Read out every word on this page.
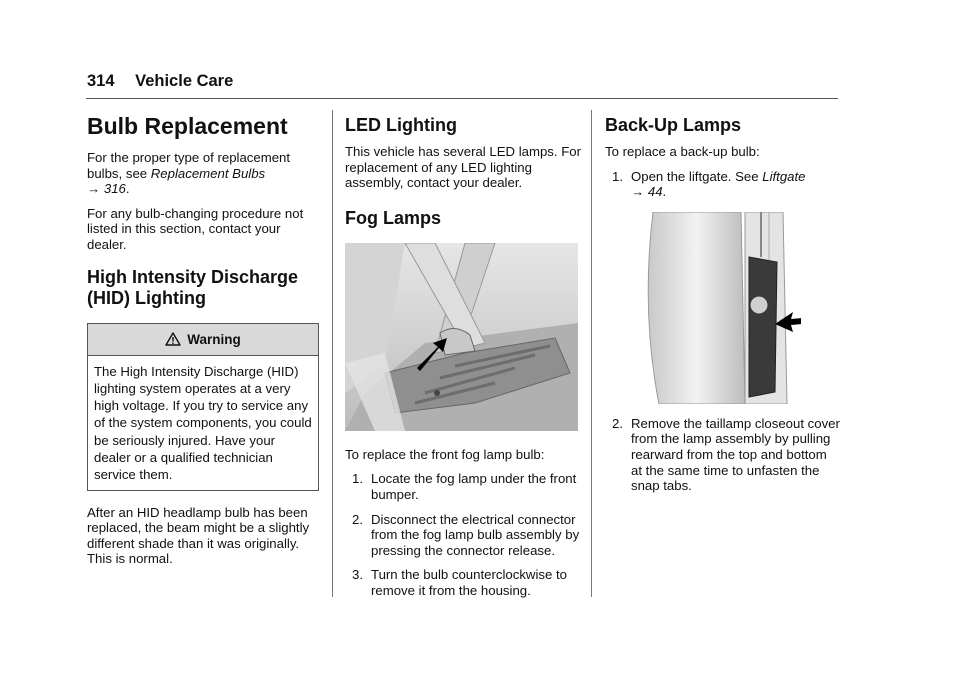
314 Vehicle Care
Bulb Replacement

For the proper type of replacement bulbs, see Replacement Bulbs
→ 316.

For any bulb-changing procedure not listed in this section, contact your dealer.

High Intensity Discharge (HID) Lighting
Warning

The High Intensity Discharge (HID) lighting system operates at a very high voltage. If you try to service any of the system components, you could be seriously injured. Have your dealer or a qualified technician service them.

After an HID headlamp bulb has been replaced, the beam might be a slightly different shade than it was originally. This is normal.

LED Lighting

This vehicle has several LED lamps. For replacement of any LED lighting assembly, contact your dealer.

Fog Lamps

To replace the front fog lamp bulb:

1. Locate the fog lamp under the front bumper.
2. Disconnect the electrical connector from the fog lamp bulb assembly by pressing the connector release.
3. Turn the bulb counterclockwise to remove it from the housing.
Back-Up Lamps

To replace a back-up bulb:

1. Open the liftgate. See Liftgate
→ 44.
2. Remove the taillamp closeout cover from the lamp assembly by pulling rearward from the top and bottom at the same time to unfasten the snap tabs.
